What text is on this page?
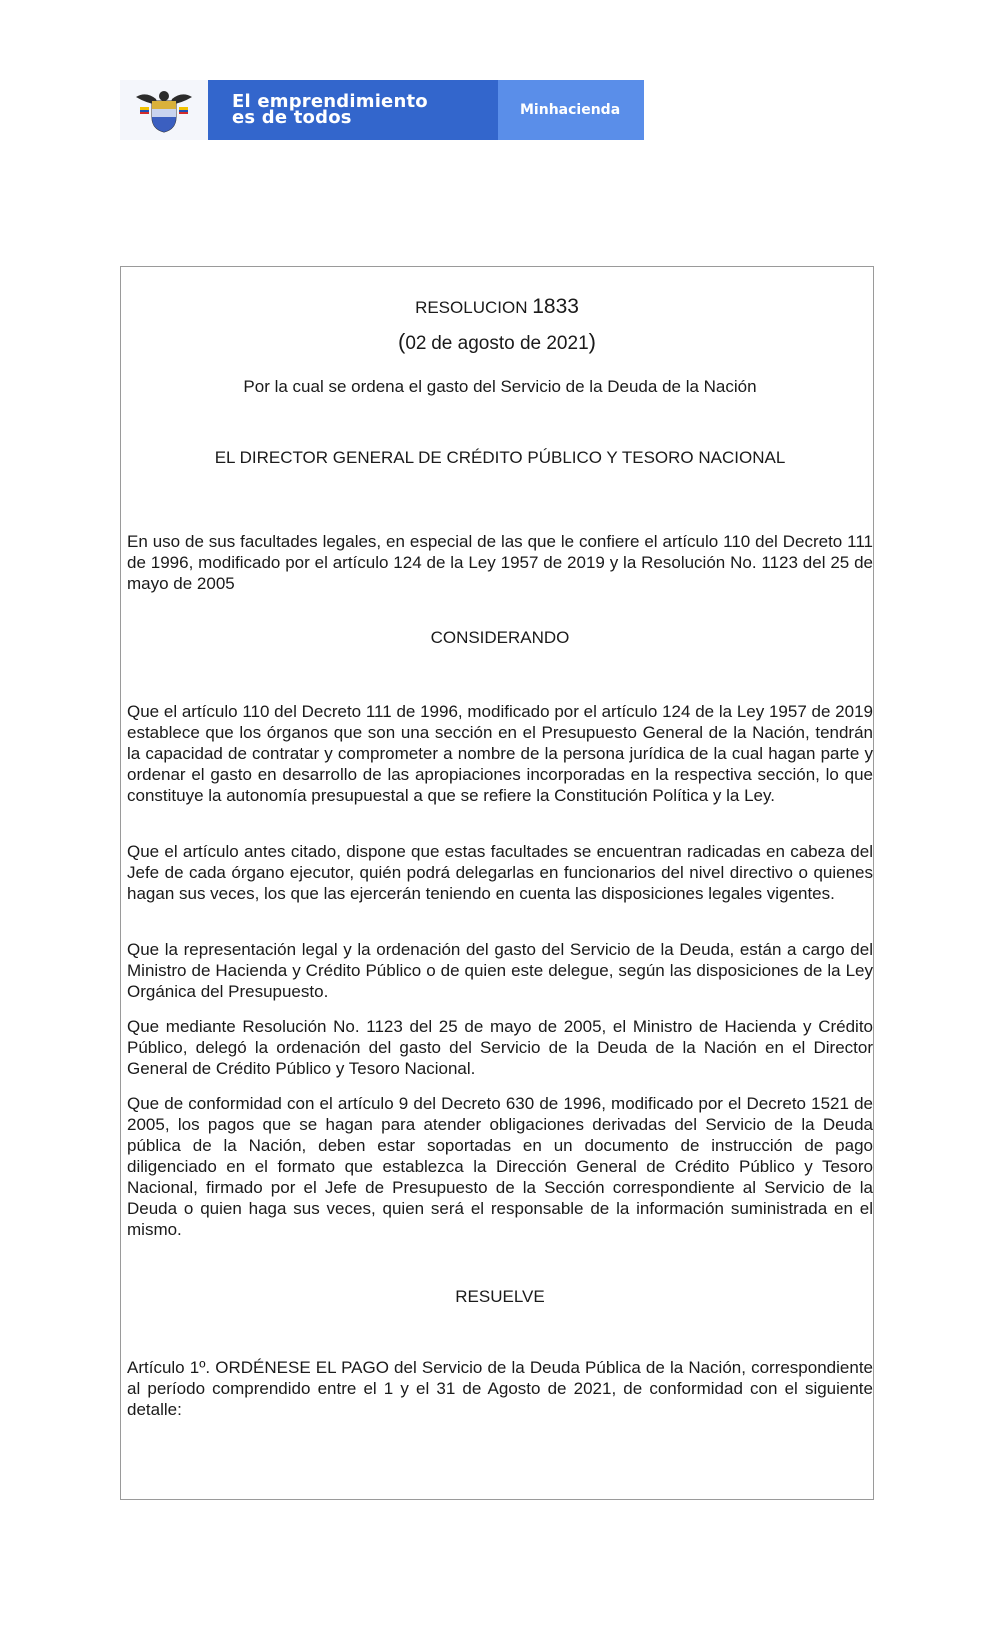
El emprendimiento
es de todos	Minhacienda
RESOLUCION 1833
(02 de agosto de 2021)
Por la cual se ordena el gasto del Servicio de la Deuda de la Nación
EL DIRECTOR GENERAL DE CRÉDITO PÚBLICO Y TESORO NACIONAL

En uso de sus facultades legales, en especial de las que le confiere el artículo 110 del Decreto 111 de 1996, modificado por el artículo 124 de la Ley 1957 de 2019 y la Resolución No. 1123 del 25 de mayo de 2005

CONSIDERANDO

Que el artículo 110 del Decreto 111 de 1996, modificado por el artículo 124 de la Ley 1957 de 2019 establece que los órganos que son una sección en el Presupuesto General de la Nación, tendrán la capacidad de contratar y comprometer a nombre de la persona jurídica de la cual hagan parte y ordenar el gasto en desarrollo de las apropiaciones incorporadas en la respectiva sección, lo que constituye la autonomía presupuestal a que se refiere la Constitución Política y la Ley.

Que el artículo antes citado, dispone que estas facultades se encuentran radicadas en cabeza del Jefe de cada órgano ejecutor, quién podrá delegarlas en funcionarios del nivel directivo o quienes hagan sus veces, los que las ejercerán teniendo en cuenta las disposiciones legales vigentes.

Que la representación legal y la ordenación del gasto del Servicio de la Deuda, están a cargo del Ministro de Hacienda y Crédito Público o de quien este delegue, según las disposiciones de la Ley Orgánica del Presupuesto.

Que mediante Resolución No. 1123 del 25 de mayo de 2005, el Ministro de Hacienda y Crédito Público, delegó la ordenación del gasto del Servicio de la Deuda de la Nación en el Director General de Crédito Público y Tesoro Nacional.

Que de conformidad con el artículo 9 del Decreto 630 de 1996, modificado por el Decreto 1521 de 2005, los pagos que se hagan para atender obligaciones derivadas del Servicio de la Deuda pública de la Nación, deben estar soportadas en un documento de instrucción de pago diligenciado en el formato que establezca la Dirección General de Crédito Público y Tesoro Nacional, firmado por el Jefe de Presupuesto de la Sección correspondiente al Servicio de la Deuda o quien haga sus veces, quien será el responsable de la información suministrada en el mismo.

RESUELVE

Artículo 1º. ORDÉNESE EL PAGO del Servicio de la Deuda Pública de la Nación, correspondiente al período comprendido entre el 1 y el 31 de Agosto de 2021, de conformidad con el siguiente detalle:
